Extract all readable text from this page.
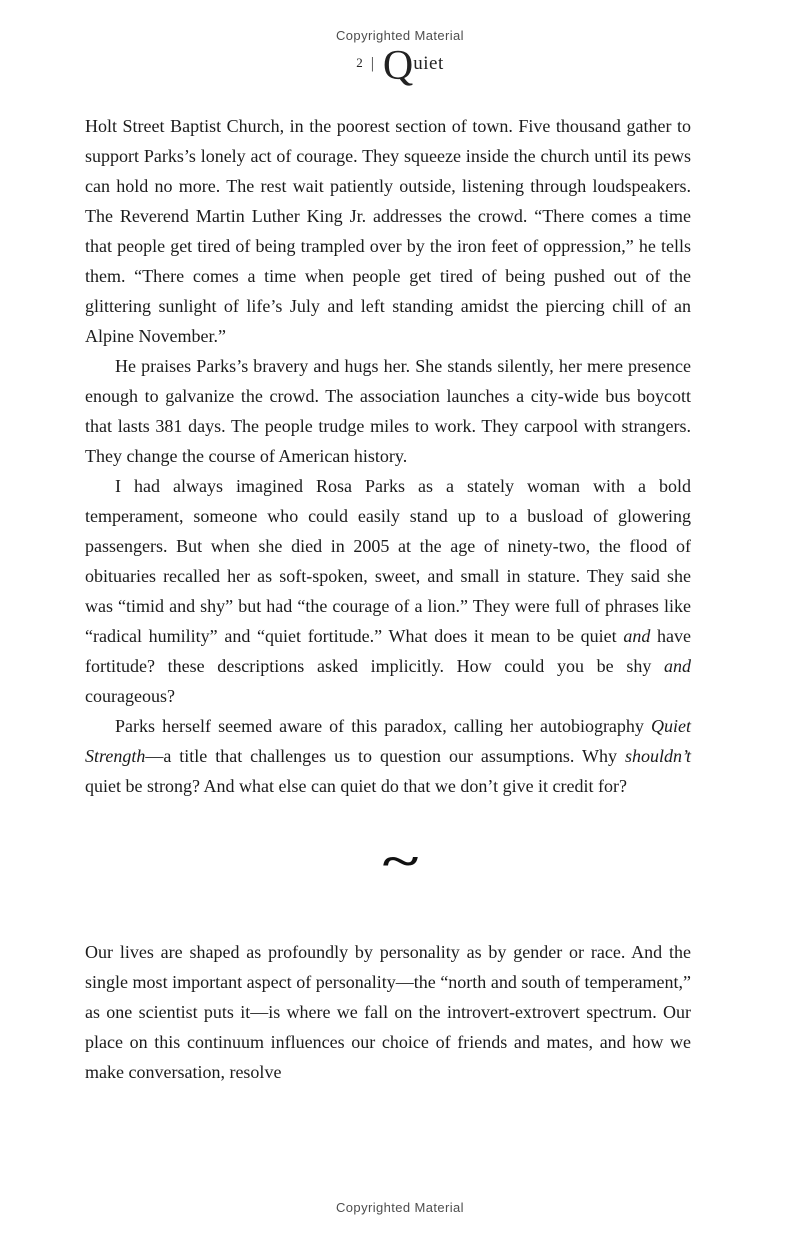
Copyrighted Material
$^2$ | Quiet

Holt Street Baptist Church, in the poorest section of town. Five thousand gather to support Parks’s lonely act of courage. They squeeze inside the church until its pews can hold no more. The rest wait patiently outside, listening through loudspeakers. The Reverend Martin Luther King Jr. addresses the crowd. “There comes a time that people get tired of being trampled over by the iron feet of oppression,” he tells them. “There comes a time when people get tired of being pushed out of the glittering sunlight of life’s July and left standing amidst the piercing chill of an Alpine November.”

He praises Parks’s bravery and hugs her. She stands silently, her mere presence enough to galvanize the crowd. The association launches a city-wide bus boycott that lasts 381 days. The people trudge miles to work. They carpool with strangers. They change the course of American history.

I had always imagined Rosa Parks as a stately woman with a bold temperament, someone who could easily stand up to a busload of glowering passengers. But when she died in 2005 at the age of ninety-two, the flood of obituaries recalled her as soft-spoken, sweet, and small in stature. They said she was “timid and shy” but had “the courage of a lion.” They were full of phrases like “radical humility” and “quiet fortitude.” What does it mean to be quiet and have fortitude? these descriptions asked implicitly. How could you be shy and courageous?

Parks herself seemed aware of this paradox, calling her autobiography Quiet Strength—a title that challenges us to question our assumptions. Why shouldn’t quiet be strong? And what else can quiet do that we don’t give it credit for?

~

Our lives are shaped as profoundly by personality as by gender or race. And the single most important aspect of personality—the “north and south of temperament,” as one scientist puts it—is where we fall on the introvert-extrovert spectrum. Our place on this continuum influences our choice of friends and mates, and how we make conversation, resolve

Copyrighted Material
